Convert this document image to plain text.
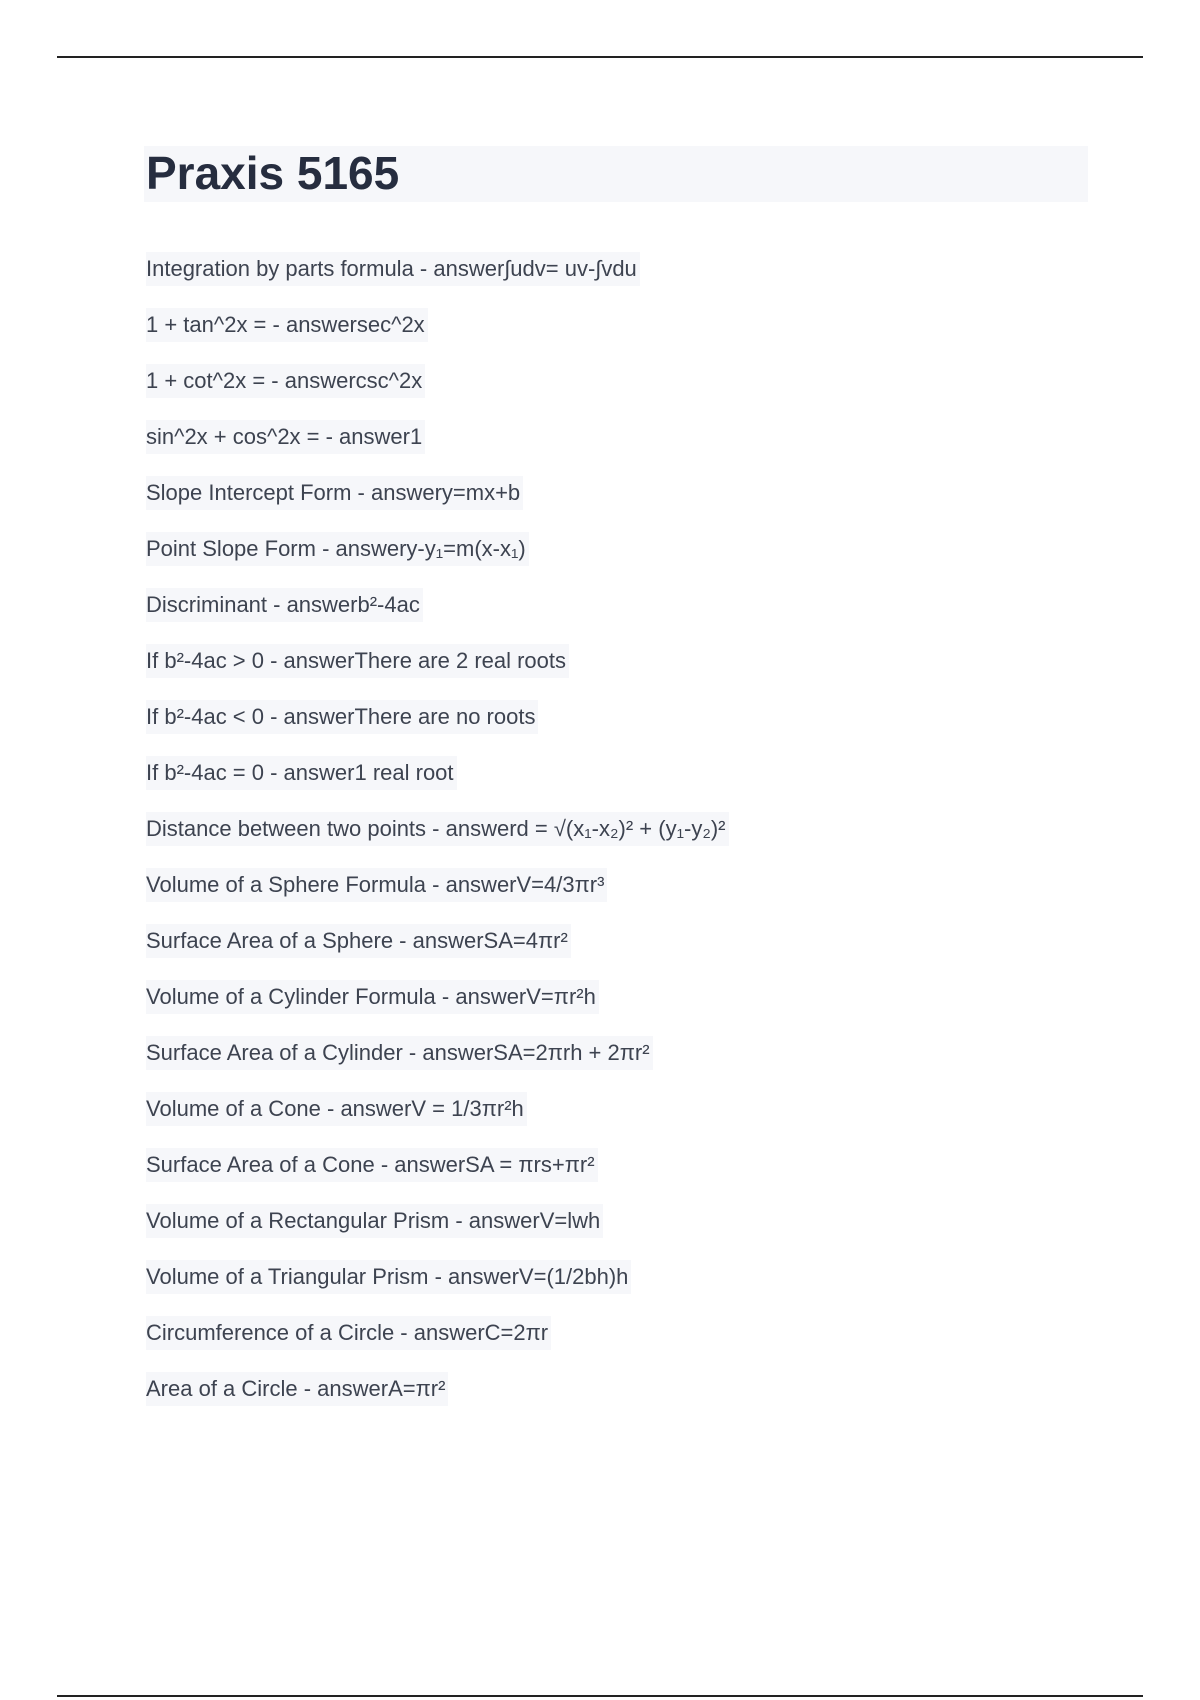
Praxis 5165
Integration by parts formula - answer∫udv= uv-∫vdu
1 + tan^2x = - answersec^2x
1 + cot^2x = - answercsc^2x
sin^2x + cos^2x = - answer1
Slope Intercept Form - answery=mx+b
Point Slope Form - answery-y₁=m(x-x₁)
Discriminant - answerb²-4ac
If b²-4ac > 0 - answerThere are 2 real roots
If b²-4ac < 0 - answerThere are no roots
If b²-4ac = 0 - answer1 real root
Distance between two points - answerd = √(x₁-x₂)² + (y₁-y₂)²
Volume of a Sphere Formula - answerV=4/3πr³
Surface Area of a Sphere - answerSA=4πr²
Volume of a Cylinder Formula - answerV=πr²h
Surface Area of a Cylinder - answerSA=2πrh + 2πr²
Volume of a Cone - answerV = 1/3πr²h
Surface Area of a Cone - answerSA = πrs+πr²
Volume of a Rectangular Prism - answerV=lwh
Volume of a Triangular Prism - answerV=(1/2bh)h
Circumference of a Circle - answerC=2πr
Area of a Circle - answerA=πr²
